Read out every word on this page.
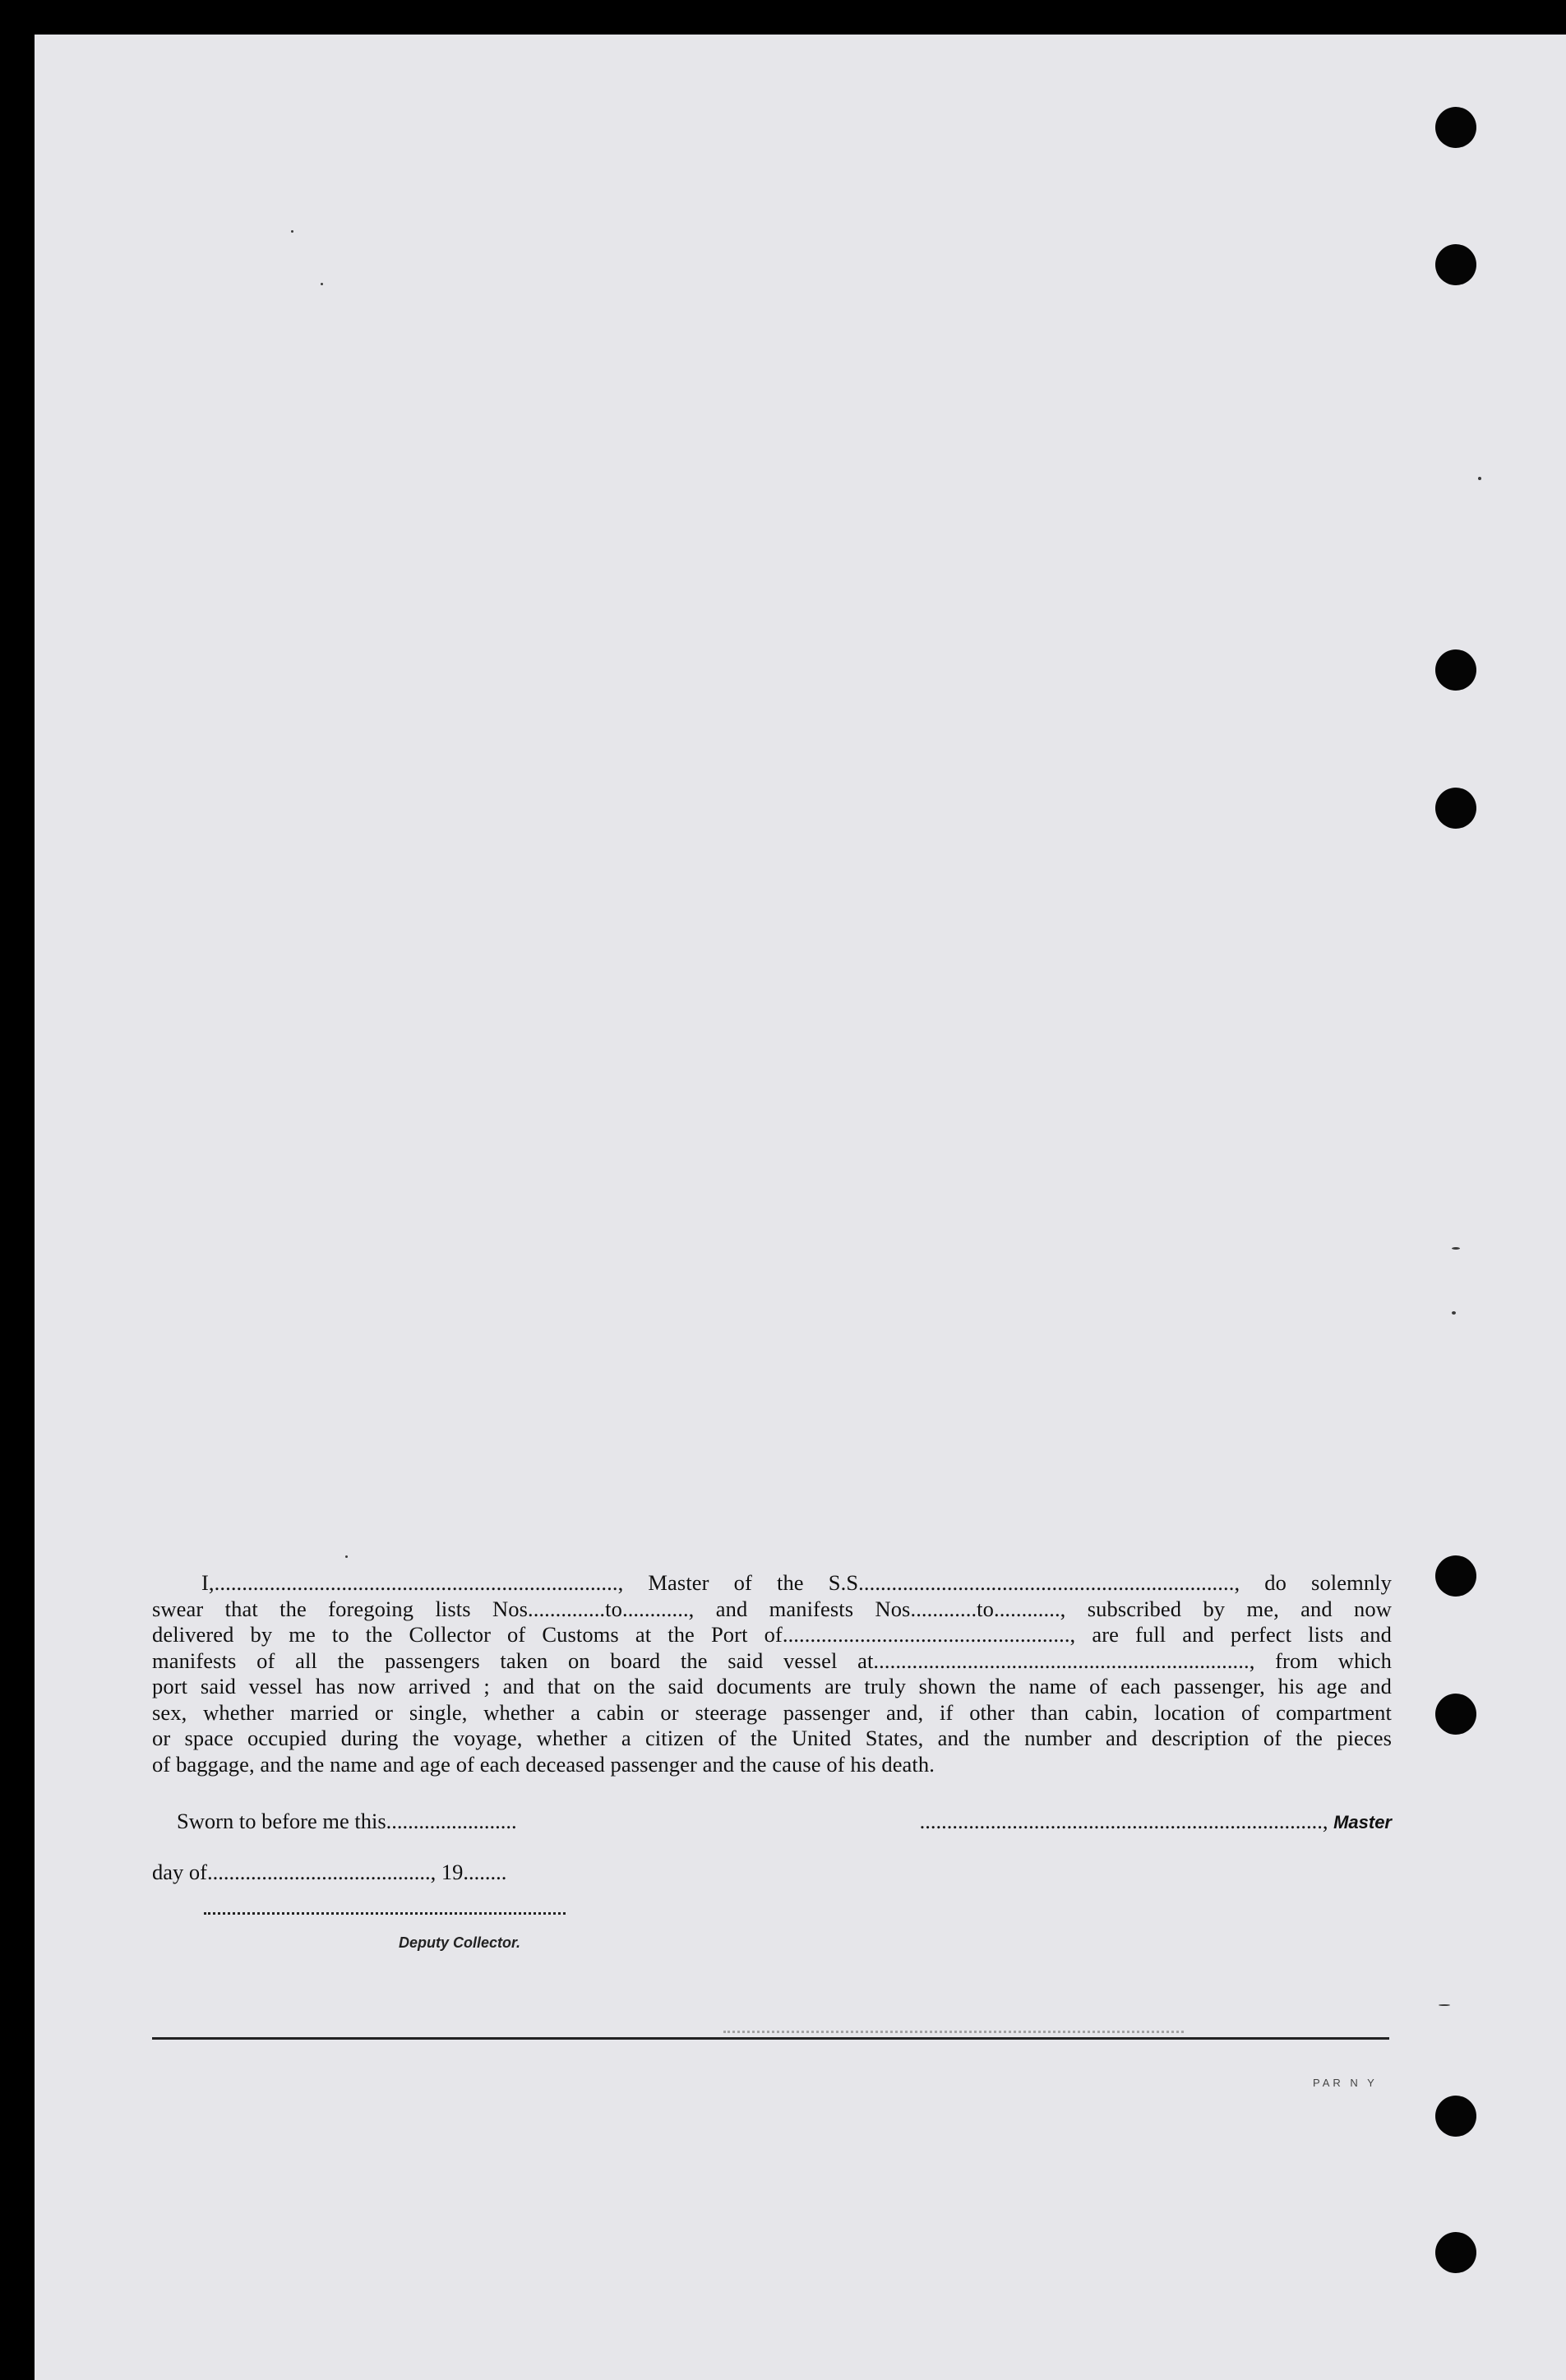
I,........................................................................., Master of the S.S...................................................................., do solemnly
swear that the foregoing lists Nos..............to............, and manifests Nos............to............, subscribed by me, and now
delivered by me to the Collector of Customs at the Port of...................................................., are full and perfect lists and
manifests of all the passengers taken on board the said vessel at...................................................................., from which
port said vessel has now arrived ; and that on the said documents are truly shown the name of each passenger, his age and
sex, whether married or single, whether a cabin or steerage passenger and, if other than cabin, location of compartment
or space occupied during the voyage, whether a citizen of the United States, and the number and description of the pieces
of baggage, and the name and age of each deceased passenger and the cause of his death.
Sworn to before me this........................	.........................................................................., Master
day of........................................., 19........
Deputy Collector.
PAR N Y
